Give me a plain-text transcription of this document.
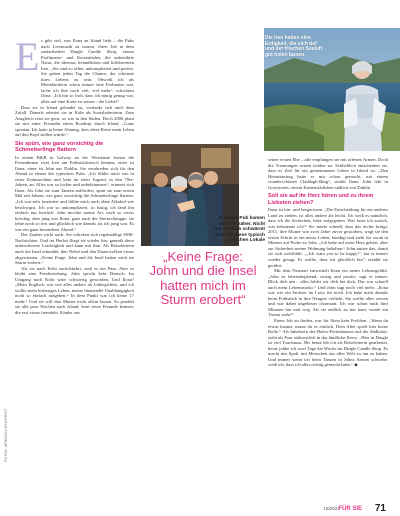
E s gibt viel, was Ilona an Irland liebt – die Pubs nach Livemusik zu tanzen, ihren Job in dem zauberhaften Dingle Candle Shop, einem Parfümerie- und Kerzenladen, die unberührte Natur, die überaus freundlichen und hilfsbereiten Iren. „Sie sind so offen, unkompliziert und positiv. Sie geben jeden Tag die Chance, der schönste ihres Lebens zu sein. Obwohl ich als Rheinländerin schon immer eine Frohnatur war, lache ich hier noch viel, viel mehr“, schwärmt Ilona. „Ich bin so froh, dass ich mutig genug war, alles auf eine Karte zu setzen - die Liebe!“

Dass sie in Irland gelandet ist, verdankt sich auch dem Zufall. Damals arbeitet sie in Köln als Sozialarbeiterin. Zum Ausgleich reist sie gern, so wie in den Süden. Doch 2006 plant sie mit einer Freundin einen Roadtrip durch Irland. „Ganz spontan. Ich hatte ja keine Ahnung, dass diese Reise mein Leben auf den Kopf stellen würde.“

Sie spürt, wie ganz vorsichtig die Schmetterlinge flattern

In einem B&B in Galway an der Westküste lernen die Freundinnen zwei Iren am Frühstückstisch kennen, einer ist Ilona, einer ist John aus Dublin. Sie verabreden sich für den Abend in einem der typischen Pubs. „Ich fühlte mich wie in einer Zeitmaschine und kam im einer Jugend, in den 70er-Jahren, an. Alles war so locker und unbekümmert“, erinnert sich Ilona. Als John sie zum Tanzen auffordert, spürt sie zum ersten Mal seit Jahren, wie ganz vorsichtig die Schmetterlinge flattern. „Ich war sehr fasziniert und fühlte mich auch ohne Alkohol wie beschwipst. Ich war so unkompliziert, so lustig, ich fand ihn einfach nur herrlich. John mochte meine Art, nach so etwas kitschig, aber jung war Ilona, ganz nach der Sternschnuppe, sie lebte noch so frei und glücklich wie damals als ich jung war. Es war ein ganz besonderer Abend.“

Der Zauber wirkt nach. Sie schicken sich regelmäßige SMS-Nachrichten. Und im Herbst fliegt sie wieder hin, genießt diese unbeschwerte Leichtigkeit und kann mit ihm. Als Reiseleiterin auch die Insel erkundet, den Nebel und den Dauerwolken etwas abgewinnen. „Keine Frage, John und die Insel hatten mich im Sturm erobert.“

Als sie nach Köln zurückkehrt, sind es ein Paar. Aber es bleibt eine Fernbeziehung. John spricht kein Deutsch. Im Umgang nach Köln wäre schwierig geworden, Und Ilona? „Mein Englisch war wie alles andere ab Jobbegriffen, und ich wollte mein bisheriges Leben, meine finanzielle Unabhängigkeit nicht so einfach aufgeben.“ In dem Punkt war ich keine 17 mehr.“ Und sie will ihre Mutter nicht allein lassen. So pendelt sie alle paar Wochen nach Irland, lernt seine Freunde kennen, die erst etwas fremdeln. Kinder aus

Die Iren haben eine Erdigkeit, die sich tief und der frischen Seeluft gut holen lassen
In einem Pub kamen sie sich näher. Nicht nur deshalb schwärmt Ilona für diese typisch irischen Lokale
„Keine Frage: John und die Insel hatten mich im Sturm erobert“

seiner ersten Ehe – alle empfangen sie mit offenen Armen. Doch die Trennungen setzen beiden zu. Schließlich entscheiden sie, dass es Zeit für ein gemeinsames Leben in Irland ist. „Den Heiratsantrag hatte er mir schon gemacht, mit einem wunderschönen Claddagh-Ring“, strahlt Ilona. John lebt in Greystones, einem Küstenstädtchen südlich von Dublin.

Soll sie auf ihr Herz hören und zu ihrem Liebsten ziehen?

Ilona ist hin- und hergerissen. „Die Entscheidung für ein anderes Land zu ziehen, ist alles andere als leicht. Ich weiß es natürlich, dass ich die Sicherheit, habe aufgegeben. Was lasse ich zurück, was bekomme ich?“ Sie merkt schnell, dass das nichts bringt. 2011, ihre Mutter war zwei Jahre zuvor gestorben, wagt sie den ersten Schritt in ein neues Leben, kündigt und zieht für vorab in Mörnes auf Probe zu John. „Ich habe auf mein Herz gehört, aber zur Sicherheit meine Wohnung behalten.“ John nutzte das, damit sie sich wohlfühlt. „„Ich want you to be happy!", hat er immer wieder gesagt. Er wollte, dass ich glücklich bin", erzählt sie gerührt.

Mit dem Neustart entwickelt Ilona ein neues Lebensgefühl. „John ist lebensbejahend, witzig und positiv. sagt er immer. Blick dich um – alles bildet wir dich bei dich. Das war schnell auch mein Lebensmotto.“ Und John sagt noch viel mehr. „Ilona war wie ein Sechser im Lotto für mich. Ich habe mich damals beim Frühstück in ihre Neugier verliebt. Sie wollte alles wissen und war dabei ungeheuer charmant. Ich war schon nach fünf Minuten hin und weg. Als sie endlich zu mir kam, wurde ein Traum wahr!“

Einen Job zu finden, war für Ilona kein Problem. „Wenn du etwas kannst, musst du es einfach. Dein Alter spielt hier keine Rolle.“ Als Inhaberin des Bulvo-Ferienhauses auf der Südküste, zieht als Paar südwestlich in das ländliche Kerry. „Hier in Dingle ist viel Tourismus. Bis heute leb ich als Reiseleiterin gearbeitet, heute jobbe ich zwei Tage die Woche im Dingle Candle Shop. Es macht mir Spaß, mit Menschen aus aller Welt zu tun zu haben. Und immer wenn ich beim Tanzen in Johns Armen schwebe, weiß ich, dass ich alles richtig gemacht habe.“ ◆

FOTOS: ARNE/ACCESS/PRINT
18/2024
FÜR SIE 71
